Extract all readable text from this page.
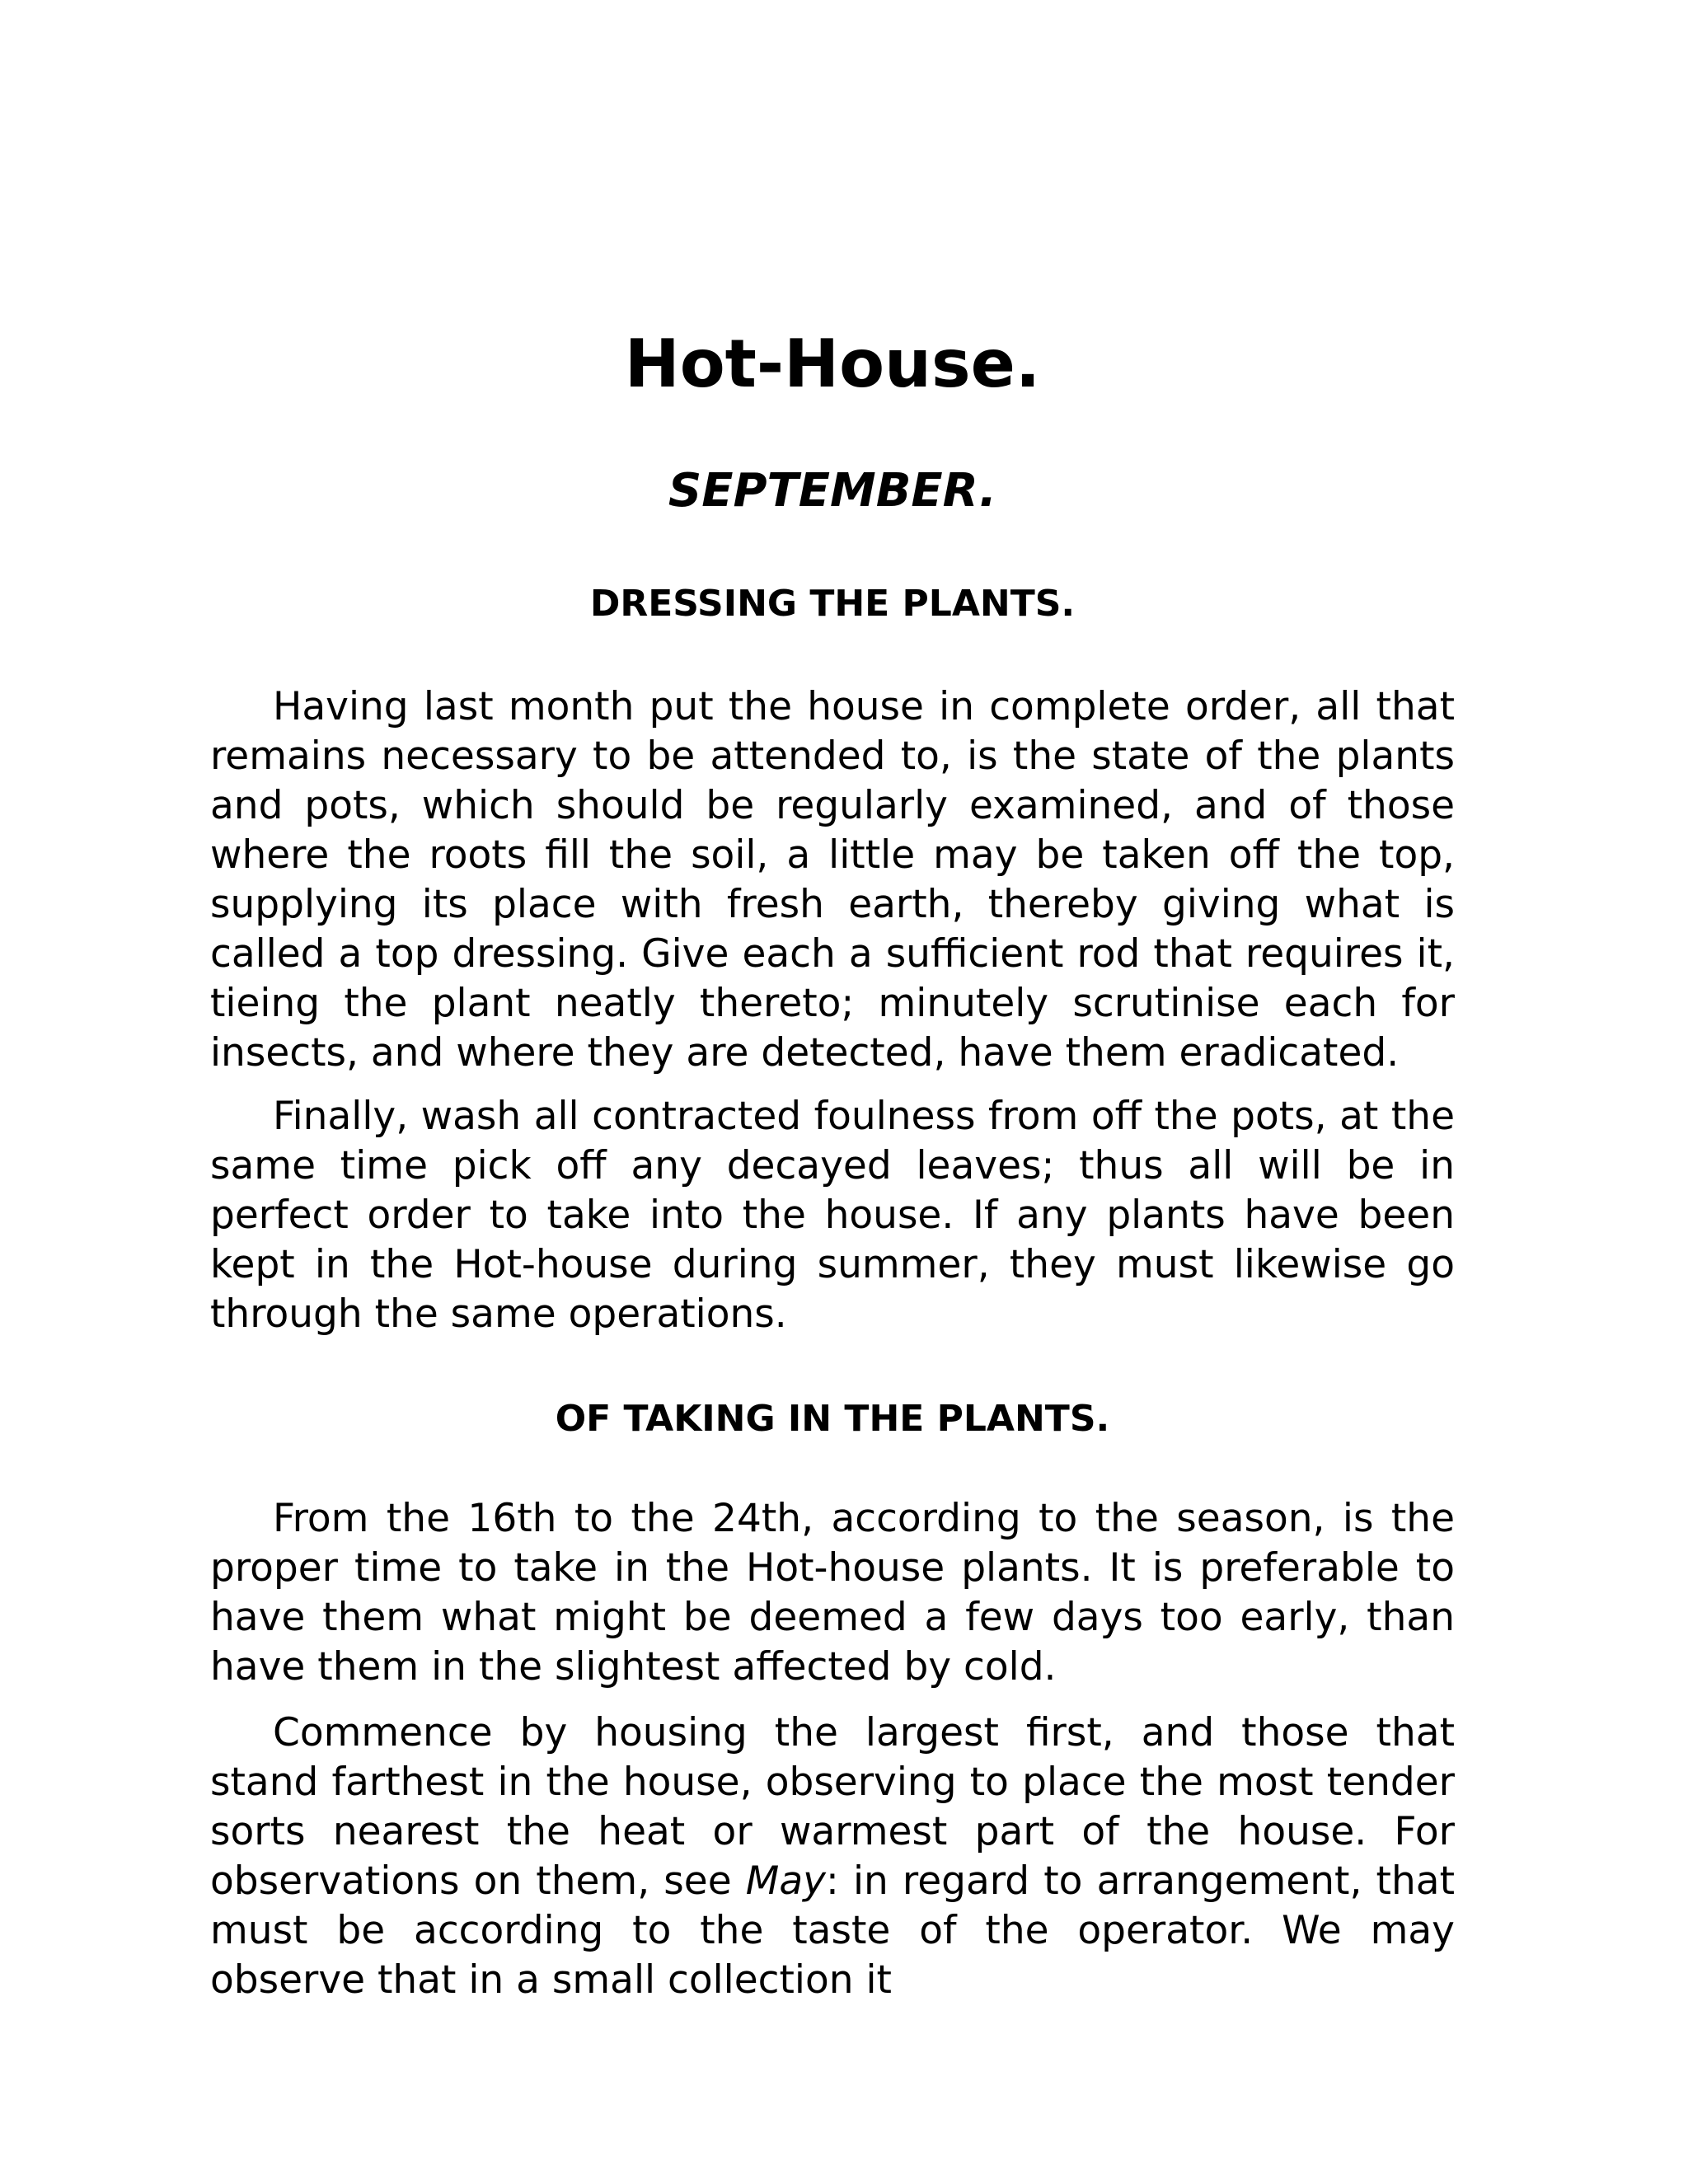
Hot-House.
SEPTEMBER.
DRESSING THE PLANTS.

Having last month put the house in complete order, all that remains necessary to be attended to, is the state of the plants and pots, which should be regularly examined, and of those where the roots fill the soil, a little may be taken off the top, supplying its place with fresh earth, thereby giving what is called a top dressing. Give each a sufficient rod that requires it, tieing the plant neatly thereto; minutely scrutinise each for insects, and where they are detected, have them eradicated.

Finally, wash all contracted foulness from off the pots, at the same time pick off any decayed leaves; thus all will be in perfect order to take into the house. If any plants have been kept in the Hot-house during summer, they must likewise go through the same operations.

OF TAKING IN THE PLANTS.

From the 16th to the 24th, according to the season, is the proper time to take in the Hot-house plants. It is preferable to have them what might be deemed a few days too early, than have them in the slightest affected by cold.

Commence by housing the largest first, and those that stand farthest in the house, observing to place the most tender sorts nearest the heat or warmest part of the house. For observations on them, see May: in regard to arrangement, that must be according to the taste of the operator. We may observe that in a small collection it
